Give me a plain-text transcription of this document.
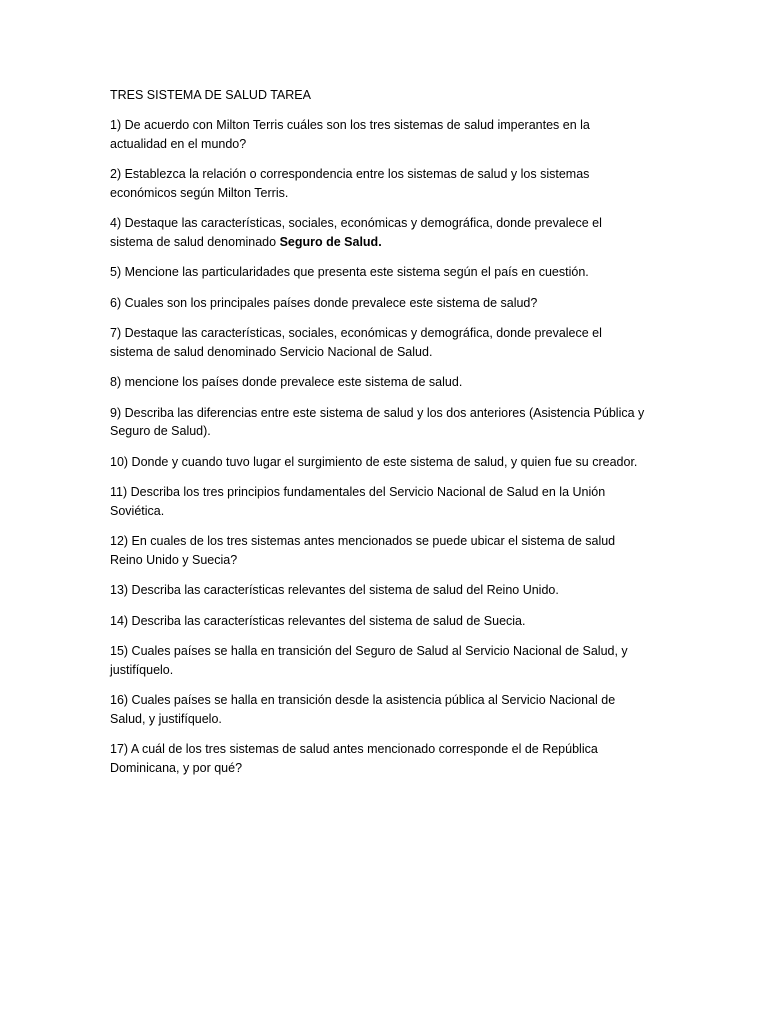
TRES SISTEMA DE SALUD TAREA

1) De acuerdo con Milton Terris cuáles son los tres sistemas de salud imperantes en la
actualidad en el mundo?

2) Establezca la relación o correspondencia entre los sistemas de salud y los sistemas
económicos según Milton Terris.

4) Destaque las características, sociales, económicas y demográfica, donde prevalece el
sistema de salud denominado Seguro de Salud.

5) Mencione las particularidades que presenta este sistema según el país en cuestión.

6) Cuales son los principales países donde prevalece este sistema de salud?

7) Destaque las características, sociales, económicas y demográfica, donde prevalece el
sistema de salud denominado Servicio Nacional de Salud.

8) mencione los países donde prevalece este sistema de salud.

9) Describa las diferencias entre este sistema de salud y los dos anteriores (Asistencia Pública y
Seguro de Salud).

10) Donde y cuando tuvo lugar el surgimiento de este sistema de salud, y quien fue su creador.

11) Describa los tres principios fundamentales del Servicio Nacional de Salud en la Unión
Soviética.

12) En cuales de los tres sistemas antes mencionados se puede ubicar el sistema de salud
Reino Unido y Suecia?

13) Describa las características relevantes del sistema de salud del Reino Unido.

14) Describa las características relevantes del sistema de salud de Suecia.

15) Cuales países se halla en transición del Seguro de Salud al Servicio Nacional de Salud, y
justifíquelo.

16) Cuales países se halla en transición desde la asistencia pública al Servicio Nacional de
Salud, y justifíquelo.

17) A cuál de los tres sistemas de salud antes mencionado corresponde el de República
Dominicana, y por qué?
